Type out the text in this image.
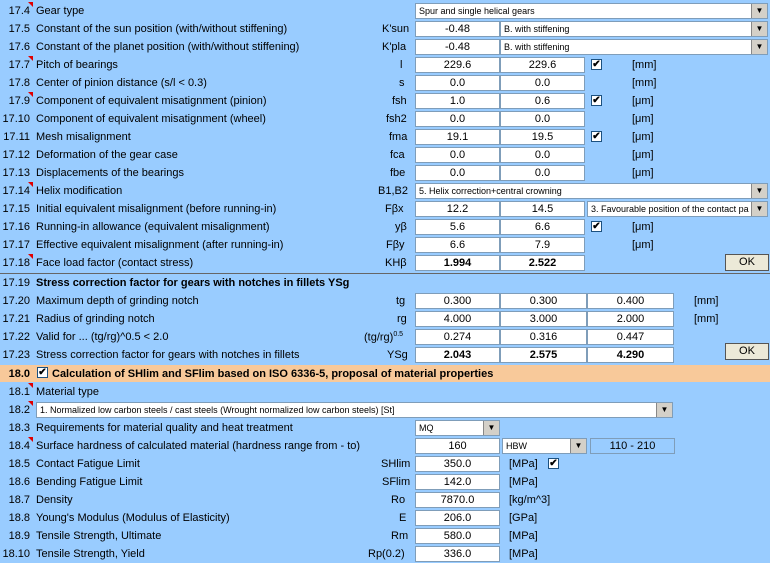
17.4 Gear type	Spur and single helical gears	▼
17.5 Constant of the sun position (with/without stiffening)	K'sun	-0.48	B. with stiffening	▼
17.6 Constant of the planet position (with/without stiffening)	K'pla	-0.48	B. with stiffening	▼
17.7 Pitch of bearings	l	229.6	229.6	✔	[mm]
17.8 Center of pinion distance (s/l < 0.3)	s	0.0	0.0	[mm]
17.9 Component of equivalent misatignment (pinion)	fsh	1.0	0.6	✔	[μm]
17.10 Component of equivalent misatignment (wheel)	fsh2	0.0	0.0	[μm]
17.11 Mesh misalignment	fma	19.1	19.5	✔	[μm]
17.12 Deformation of the gear case	fca	0.0	0.0	[μm]
17.13 Displacements of the bearings	fbe	0.0	0.0	[μm]
17.14 Helix modification	B1,B2	5. Helix correction+central crowning	▼
17.15 Initial equivalent misalignment (before running-in)	Fβx	12.2	14.5	3. Favourable position of the contact pa ▼
17.16 Running-in allowance (equivalent misalignment)	yβ	5.6	6.6	✔	[μm]
17.17 Effective equivalent misalignment (after running-in)	Fβy	6.6	7.9	[μm]
17.18 Face load factor (contact stress)	KHβ	1.994	2.522	OK
17.19 Stress correction factor for gears with notches in fillets YSg
17.20 Maximum depth of grinding notch	tg	0.300	0.300	0.400	[mm]
17.21 Radius of grinding notch	rg	4.000	3.000	2.000	[mm]
17.22 Valid for ... (tg/rg)^0.5 < 2.0	$(tg/rg)^{0.5}$	0.274	0.316	0.447
17.23 Stress correction factor for gears with notches in fillets	YSg	2.043	2.575	4.290	OK
18.0 ✔ Calculation of SHlim and SFlim based on ISO 6336-5, proposal of material properties
18.1 Material type
18.2	1. Normalized low carbon steels / cast steels (Wrought normalized low carbon steels) [St]	▼
18.3 Requirements for material quality and heat treatment	MQ	▼
18.4 Surface hardness of calculated material (hardness range from - to)	160	HBW	▼	110 - 210
18.5 Contact Fatigue Limit	SHlim	350.0	[MPa] ✔
18.6 Bending Fatigue Limit	SFlim	142.0	[MPa]
18.7 Density	Ro	7870.0	[kg/m^3]
18.8 Young's Modulus (Modulus of Elasticity)	E	206.0	[GPa]
18.9 Tensile Strength, Ultimate	Rm	580.0	[MPa]
18.10 Tensile Strength, Yield	Rp(0.2)	336.0	[MPa]
